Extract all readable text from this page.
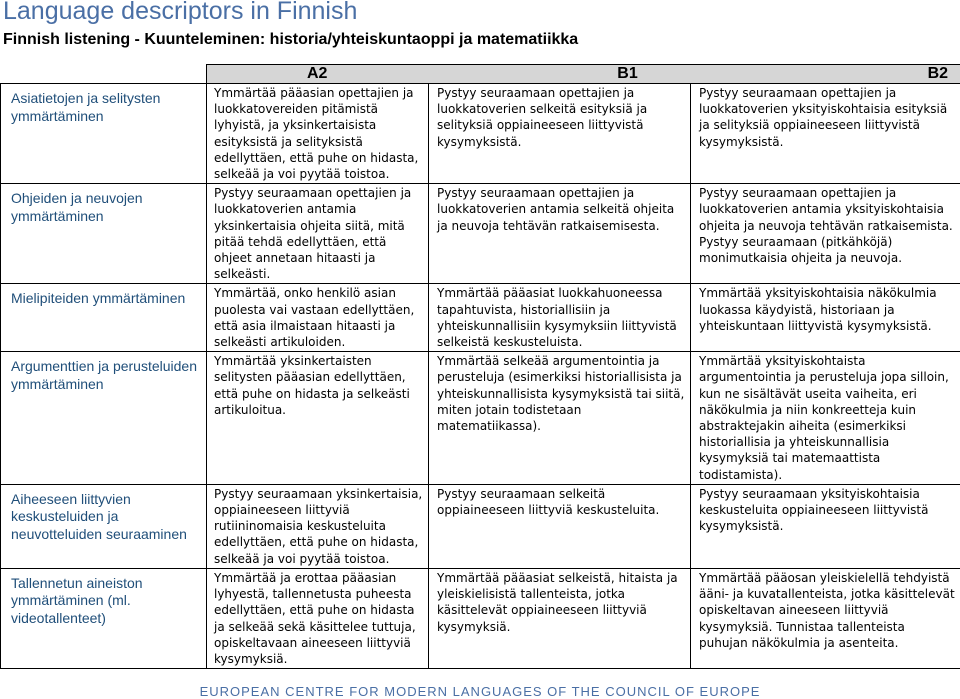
Language descriptors in Finnish
Finnish listening - Kuunteleminen: historia/yhteiskuntaoppi ja matematiikka

	A2 B1 B2		

Asiatietojen ja selitysten ymmärtäminen	Ymmärtää pääasian opettajien ja luokkatovereiden pitämistä lyhyistä, ja yksinkertaisista esityksistä ja selityksistä edellyttäen, että puhe on hidasta, selkeää ja voi pyytää toistoa.	Pystyy seuraamaan opettajien ja luokkatoverien selkeitä esityksiä ja selityksiä oppiaineeseen liittyvistä kysymyksistä.	Pystyy seuraamaan opettajien ja luokkatoverien yksityiskohtaisia esityksiä ja selityksiä oppiaineeseen liittyvistä kysymyksistä.
Ohjeiden ja neuvojen ymmärtäminen	Pystyy seuraamaan opettajien ja luokkatoverien antamia yksinkertaisia ohjeita siitä, mitä pitää tehdä edellyttäen, että ohjeet annetaan hitaasti ja selkeästi.	Pystyy seuraamaan opettajien ja luokkatoverien antamia selkeitä ohjeita ja neuvoja tehtävän ratkaisemisesta.	Pystyy seuraamaan opettajien ja luokkatoverien antamia yksityiskohtaisia ohjeita ja neuvoja tehtävän ratkaisemista. Pystyy seuraamaan (pitkähköjä) monimutkaisia ohjeita ja neuvoja.
Mielipiteiden ymmärtäminen	Ymmärtää, onko henkilö asian puolesta vai vastaan edellyttäen, että asia ilmaistaan hitaasti ja selkeästi artikuloiden.	Ymmärtää pääasiat luokkahuoneessa tapahtuvista, historiallisiin ja yhteiskunnallisiin kysymyksiin liittyvistä selkeistä keskusteluista.	Ymmärtää yksityiskohtaisia näkökulmia luokassa käydyistä, historiaan ja yhteiskuntaan liittyvistä kysymyksistä.
Argumenttien ja perusteluiden ymmärtäminen	Ymmärtää yksinkertaisten selitysten pääasian edellyttäen, että puhe on hidasta ja selkeästi artikuloitua.	Ymmärtää selkeää argumentointia ja perusteluja (esimerkiksi historiallisista ja yhteiskunnallisista kysymyksistä tai siitä, miten jotain todistetaan matematiikassa).	Ymmärtää yksityiskohtaista argumentointia ja perusteluja jopa silloin, kun ne sisältävät useita vaiheita, eri näkökulmia ja niin konkreetteja kuin abstraktejakin aiheita (esimerkiksi historiallisia ja yhteiskunnallisia kysymyksiä tai matemaattista todistamista).
Aiheeseen liittyvien keskusteluiden ja neuvotteluiden seuraaminen	Pystyy seuraamaan yksinkertaisia, oppiaineeseen liittyviä rutiininomaisia keskusteluita edellyttäen, että puhe on hidasta, selkeää ja voi pyytää toistoa.	Pystyy seuraamaan selkeitä oppiaineeseen liittyviä keskusteluita.	Pystyy seuraamaan yksityiskohtaisia keskusteluita oppiaineeseen liittyvistä kysymyksistä.
Tallennetun aineiston ymmärtäminen (ml. videotallenteet)	Ymmärtää ja erottaa pääasian lyhyestä, tallennetusta puheesta edellyttäen, että puhe on hidasta ja selkeää sekä käsittelee tuttuja, opiskeltavaan aineeseen liittyviä kysymyksiä.	Ymmärtää pääasiat selkeistä, hitaista ja yleiskielisistä tallenteista, jotka käsittelevät oppiaineeseen liittyviä kysymyksiä.	Ymmärtää pääosan yleiskielellä tehdyistä ääni- ja kuvatallenteista, jotka käsittelevät opiskeltavan aineeseen liittyviä kysymyksiä. Tunnistaa tallenteista puhujan näkökulmia ja asenteita.
EUROPEAN CENTRE FOR MODERN LANGUAGES OF THE COUNCIL OF EUROPE
